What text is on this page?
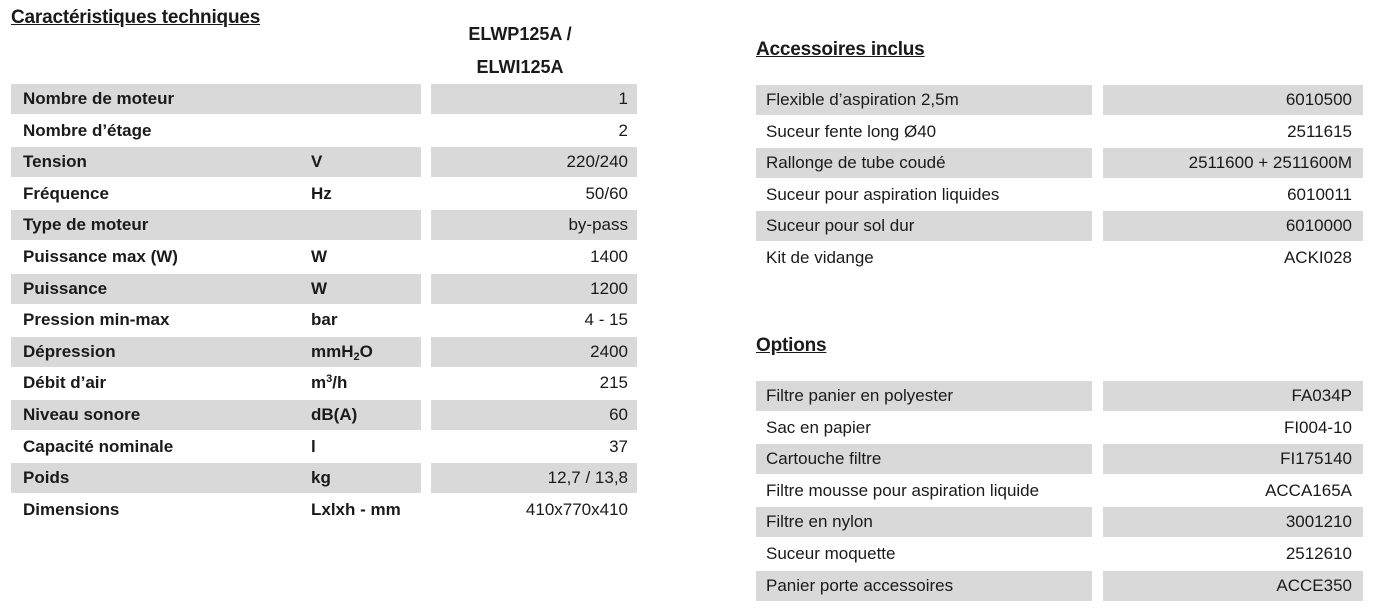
Caractéristiques techniques
ELWP125A /
ELWI125A
Nombre de moteur	1
Nombre d’étage	2
Tension	V	220/240
Fréquence	Hz	50/60
Type de moteur	by-pass
Puissance max (W)	W	1400
Puissance	W	1200
Pression min-max	bar	4 - 15
Dépression	mmH$_2$O	2400
Débit d’air	$m^3/h$	215
Niveau sonore	dB(A)	60
Capacité nominale	l	37
Poids	kg	12,7 / 13,8
Dimensions	Lxlxh - mm	410x770x410
Accessoires inclus
Flexible d’aspiration 2,5m	6010500
Suceur fente long Ø40	2511615
Rallonge de tube coudé	2511600 + 2511600M
Suceur pour aspiration liquides	6010011
Suceur pour sol dur	6010000
Kit de vidange	ACKI028
Options
Filtre panier en polyester	FA034P
Sac en papier	FI004-10
Cartouche filtre	FI175140
Filtre mousse pour aspiration liquide	ACCA165A
Filtre en nylon	3001210
Suceur moquette	2512610
Panier porte accessoires	ACCE350
